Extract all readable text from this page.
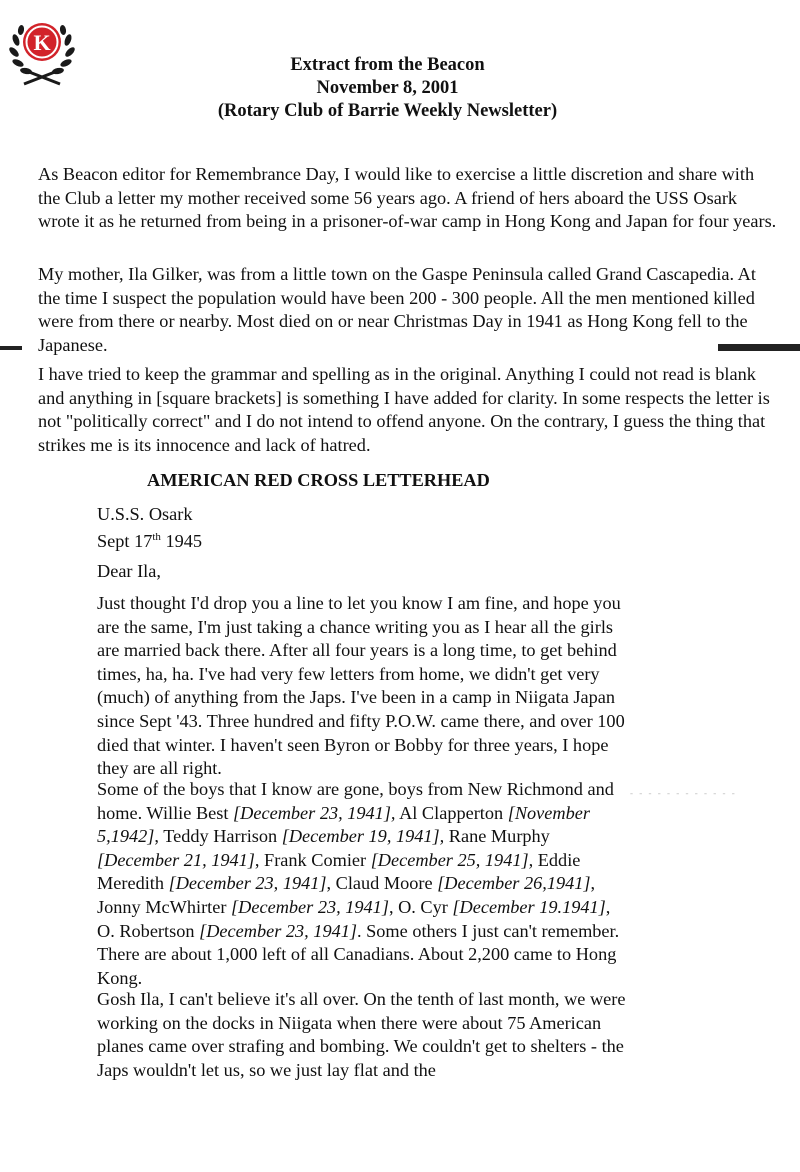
K
Extract from the Beacon
November 8, 2001
(Rotary Club of Barrie Weekly Newsletter)

As Beacon editor for Remembrance Day, I would like to exercise a little discretion and share with the Club a letter my mother received some 56 years ago. A friend of hers aboard the USS Osark wrote it as he returned from being in a prisoner-of-war camp in Hong Kong and Japan for four years.

My mother, Ila Gilker, was from a little town on the Gaspe Peninsula called Grand Cascapedia. At the time I suspect the population would have been 200 - 300 people. All the men mentioned killed were from there or nearby. Most died on or near Christmas Day in 1941 as Hong Kong fell to the Japanese.

I have tried to keep the grammar and spelling as in the original. Anything I could not read is blank and anything in [square brackets] is something I have added for clarity. In some respects the letter is not "politically correct" and I do not intend to offend anyone. On the contrary, I guess the thing that strikes me is its innocence and lack of hatred.

- - - - - - - - - - - -
AMERICAN RED CROSS LETTERHEAD
U.S.S. Osark
Sept 17th 1945
Dear Ila,

Just thought I'd drop you a line to let you know I am fine, and hope you are the same, I'm just taking a chance writing you as I hear all the girls are married back there. After all four years is a long time, to get behind times, ha, ha. I've had very few letters from home, we didn't get very (much) of anything from the Japs. I've been in a camp in Niigata Japan since Sept '43. Three hundred and fifty P.O.W. came there, and over 100 died that winter. I haven't seen Byron or Bobby for three years, I hope they are all right.

Some of the boys that I know are gone, boys from New Richmond and home. Willie Best [December 23, 1941], Al Clapperton [November 5,1942], Teddy Harrison [December 19, 1941], Rane Murphy [December 21, 1941], Frank Comier [December 25, 1941], Eddie Meredith [December 23, 1941], Claud Moore [December 26,1941], Jonny McWhirter [December 23, 1941], O. Cyr [December 19.1941], O. Robertson [December 23, 1941]. Some others I just can't remember. There are about 1,000 left of all Canadians. About 2,200 came to Hong Kong.

Gosh Ila, I can't believe it's all over. On the tenth of last month, we were working on the docks in Niigata when there were about 75 American planes came over strafing and bombing. We couldn't get to shelters - the Japs wouldn't let us, so we just lay flat and the
